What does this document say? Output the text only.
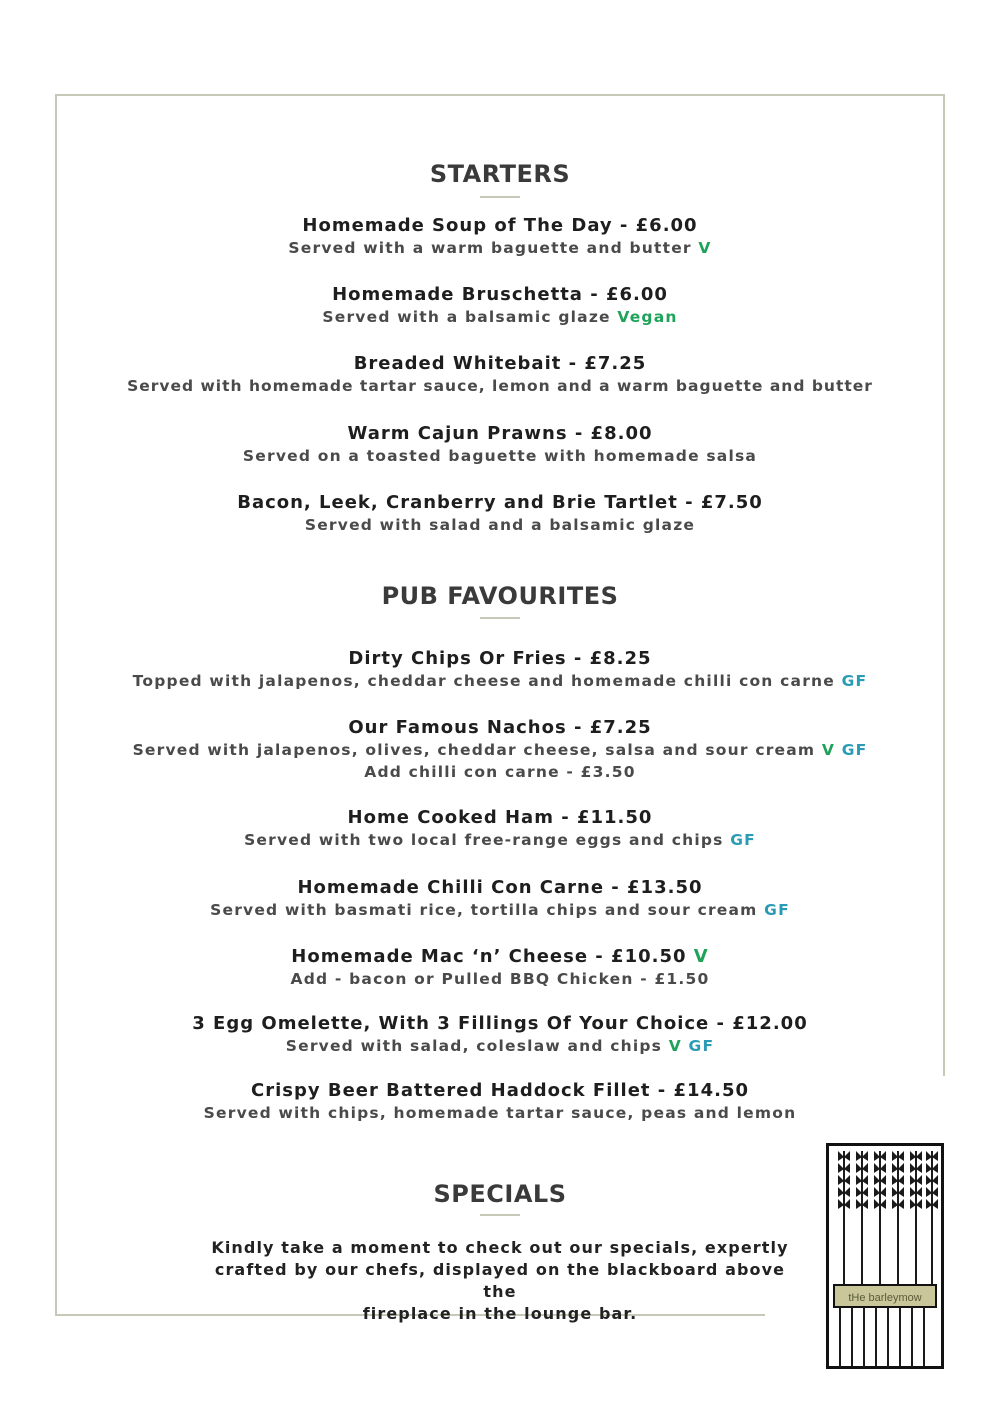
STARTERS
Homemade Soup of The Day - £6.00
Served with a warm baguette and butter V
Homemade Bruschetta - £6.00
Served with a balsamic glaze Vegan
Breaded Whitebait - £7.25
Served with homemade tartar sauce, lemon and a warm baguette and butter
Warm Cajun Prawns - £8.00
Served on a toasted baguette with homemade salsa
Bacon, Leek, Cranberry and Brie Tartlet - £7.50
Served with salad and a balsamic glaze
PUB FAVOURITES
Dirty Chips Or Fries - £8.25
Topped with jalapenos, cheddar cheese and homemade chilli con carne GF
Our Famous Nachos - £7.25
Served with jalapenos, olives, cheddar cheese, salsa and sour cream V GF
Add chilli con carne - £3.50
Home Cooked Ham - £11.50
Served with two local free-range eggs and chips GF
Homemade Chilli Con Carne - £13.50
Served with basmati rice, tortilla chips and sour cream GF
Homemade Mac ‘n’ Cheese - £10.50 V
Add - bacon or Pulled BBQ Chicken - £1.50
3 Egg Omelette, With 3 Fillings Of Your Choice - £12.00
Served with salad, coleslaw and chips V GF
Crispy Beer Battered Haddock Fillet - £14.50
Served with chips, homemade tartar sauce, peas and lemon
SPECIALS
Kindly take a moment to check out our specials, expertly
crafted by our chefs, displayed on the blackboard above the
fireplace in the lounge bar.
tHe barleymow
